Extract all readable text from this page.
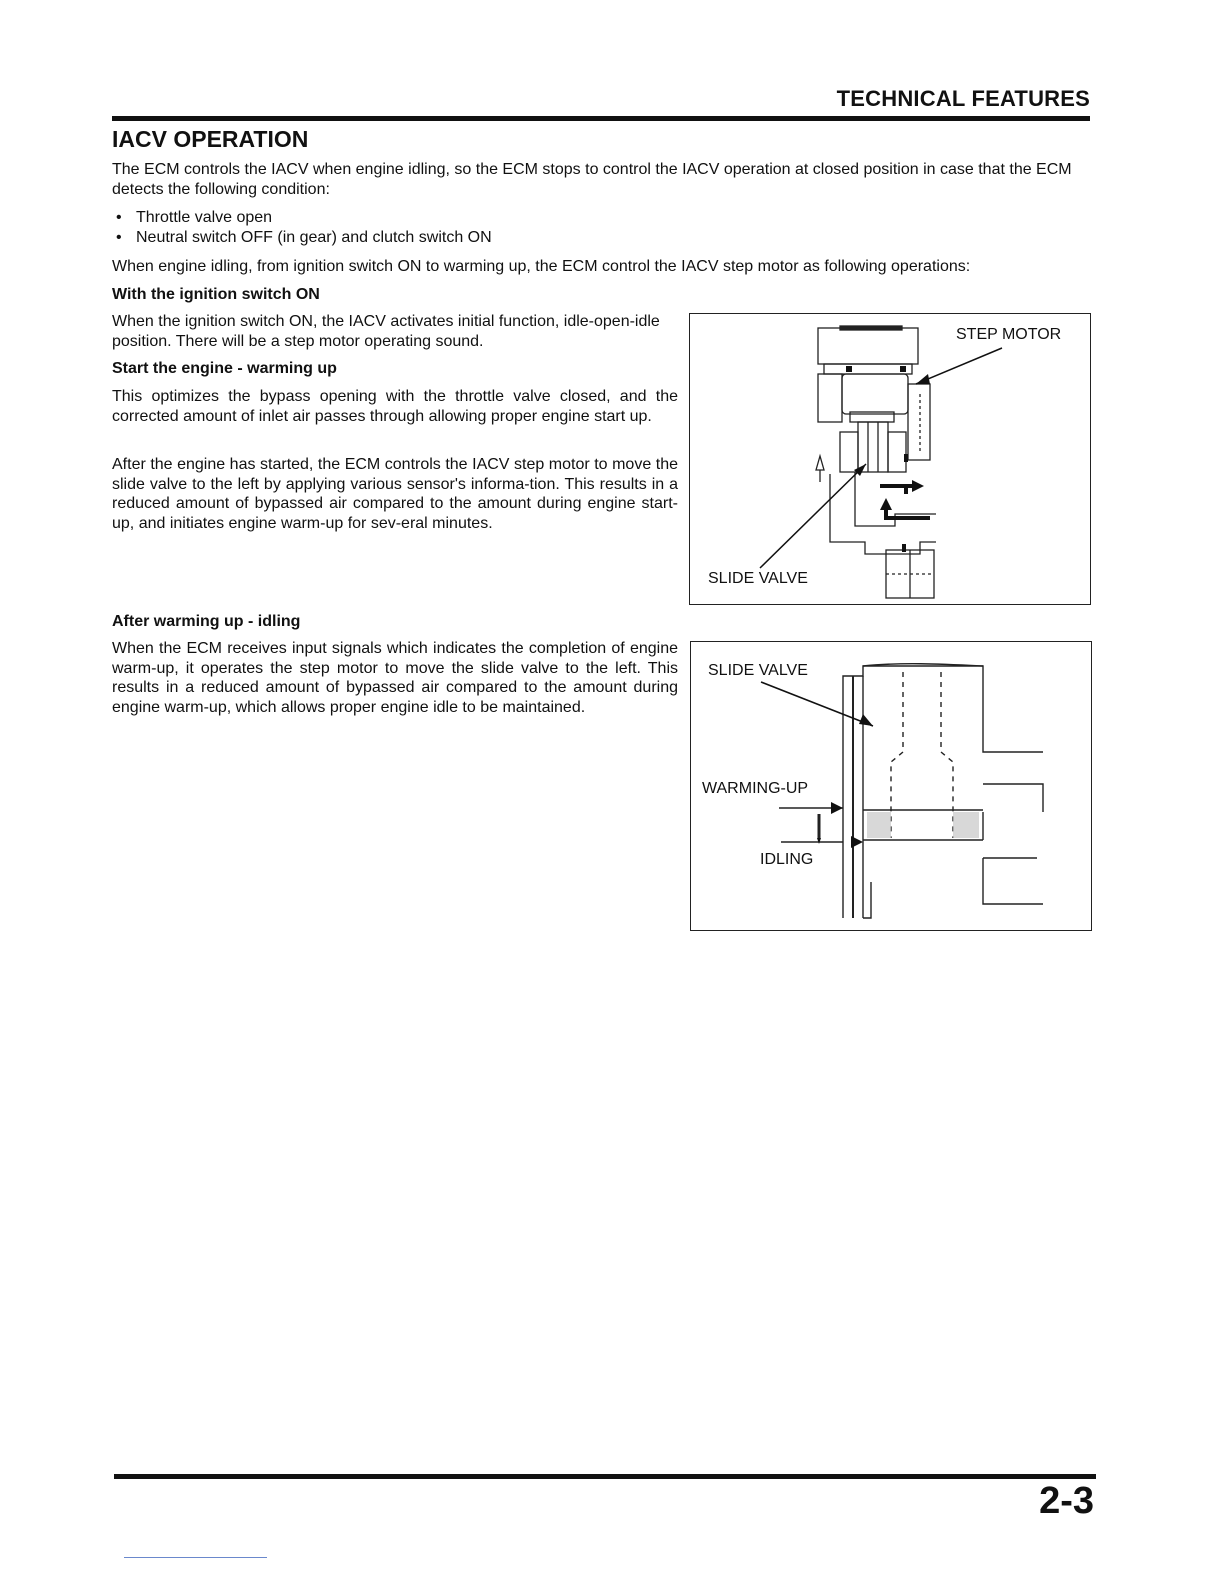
TECHNICAL FEATURES
IACV OPERATION

The ECM controls the IACV when engine idling, so the ECM stops to control the IACV operation at closed position in case that the ECM detects the following condition:

• Throttle valve open
• Neutral switch OFF (in gear) and clutch switch ON

When engine idling, from ignition switch ON to warming up, the ECM control the IACV step motor as following operations:

With the ignition switch ON

When the ignition switch ON, the IACV activates initial function, idle-open-idle position. There will be a step motor operating sound.

Start the engine - warming up

This optimizes the bypass opening with the throttle valve closed, and the corrected amount of inlet air passes through allowing proper engine start up.

After the engine has started, the ECM controls the IACV step motor to move the slide valve to the left by applying various sensor's informa-tion. This results in a reduced amount of bypassed air compared to the amount during engine start-up, and initiates engine warm-up for sev-eral minutes.

After warming up - idling

When the ECM receives input signals which indicates the completion of engine warm-up, it operates the step motor to move the slide valve to the left. This results in a reduced amount of bypassed air compared to the amount during engine warm-up, which allows proper engine idle to be maintained.

STEP MOTOR
SLIDE VALVE
SLIDE VALVE
WARMING-UP
IDLING
2-3
